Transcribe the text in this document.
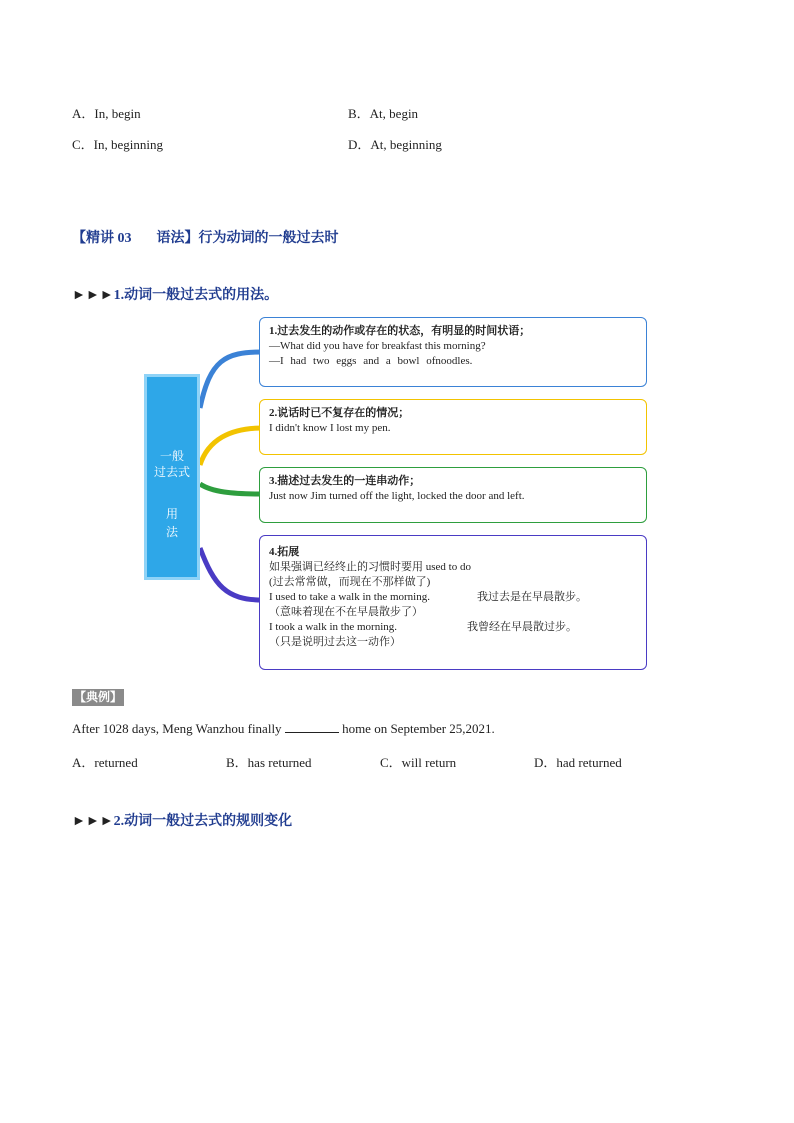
A．In, begin	B．At, begin
C．In, beginning	D．At, beginning
【精讲 03 语法】行为动词的一般过去时
►►►1.动词一般过去式的用法。
一般
过去式
用
法
1.过去发生的动作或存在的状态，有明显的时间状语；
—What did you have for breakfast this morning?
—I had two eggs and a bowl ofnoodles.
2.说话时已不复存在的情况；
I didn't know I lost my pen.
3.描述过去发生的一连串动作；
Just now Jim turned off the light, locked the door and left.
4.拓展
如果强调已经终止的习惯时要用 used to do
(过去常常做，而现在不那样做了)
I used to take a walk in the morning.	我过去是在早晨散步。
（意味着现在不在早晨散步了）
I took a walk in the morning.	我曾经在早晨散过步。
（只是说明过去这一动作）
【典例】
After 1028 days, Meng Wanzhou finally	home on September 25,2021.
A．returned	B．has returned	C．will return	D．had returned
►►►2.动词一般过去式的规则变化
